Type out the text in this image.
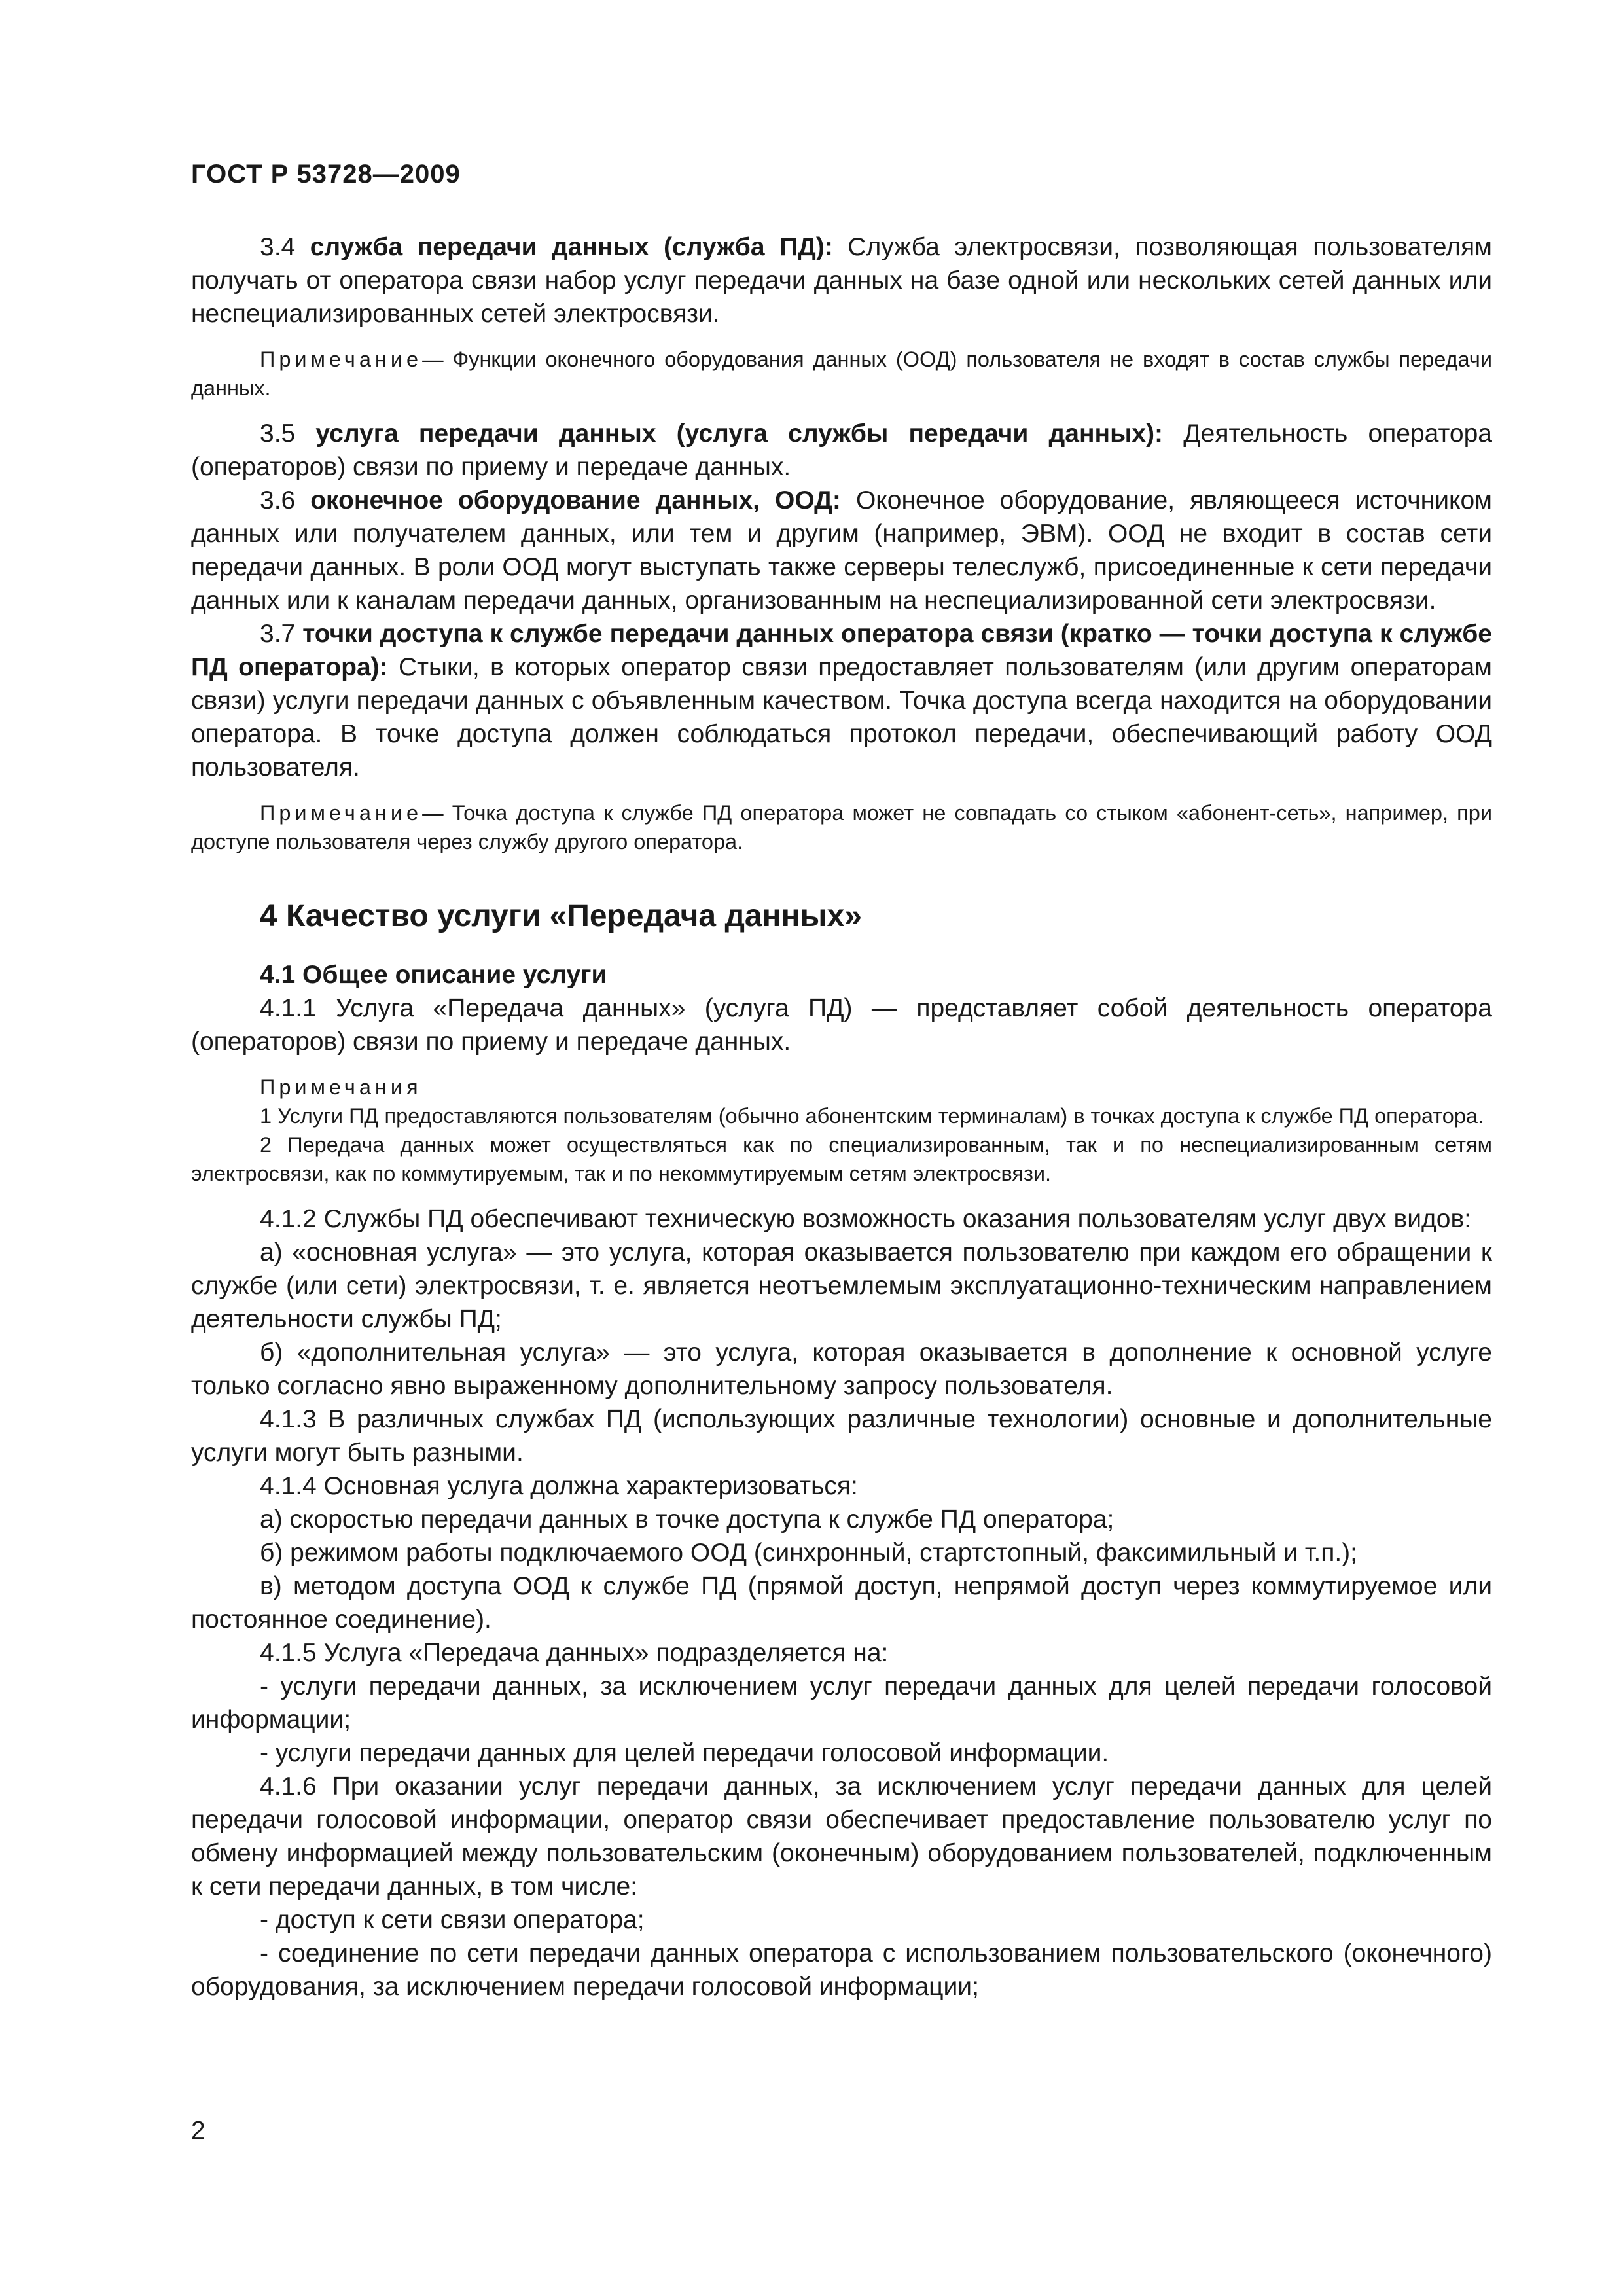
ГОСТ Р 53728—2009

3.4 служба передачи данных (служба ПД): Служба электросвязи, позволяющая пользователям получать от оператора связи набор услуг передачи данных на базе одной или нескольких сетей данных или неспециализированных сетей электросвязи.

Примечание— Функции оконечного оборудования данных (ООД) пользователя не входят в состав службы передачи данных.

3.5 услуга передачи данных (услуга службы передачи данных): Деятельность оператора (операторов) связи по приему и передаче данных.

3.6 оконечное оборудование данных, ООД: Оконечное оборудование, являющееся источником данных или получателем данных, или тем и другим (например, ЭВМ). ООД не входит в состав сети передачи данных. В роли ООД могут выступать также серверы телеслужб, присоединенные к сети передачи данных или к каналам передачи данных, организованным на неспециализированной сети электросвязи.

3.7 точки доступа к службе передачи данных оператора связи (кратко — точки доступа к службе ПД оператора): Стыки, в которых оператор связи предоставляет пользователям (или другим операторам связи) услуги передачи данных с объявленным качеством. Точка доступа всегда находится на оборудовании оператора. В точке доступа должен соблюдаться протокол передачи, обеспечивающий работу ООД пользователя.

Примечание— Точка доступа к службе ПД оператора может не совпадать со стыком «абонент-сеть», например, при доступе пользователя через службу другого оператора.

4 Качество услуги «Передача данных»
4.1 Общее описание услуги

4.1.1 Услуга «Передача данных» (услуга ПД) — представляет собой деятельность оператора (операторов) связи по приему и передаче данных.

Примечания

1 Услуги ПД предоставляются пользователям (обычно абонентским терминалам) в точках доступа к службе ПД оператора.

2 Передача данных может осуществляться как по специализированным, так и по неспециализированным сетям электросвязи, как по коммутируемым, так и по некоммутируемым сетям электросвязи.

4.1.2 Службы ПД обеспечивают техническую возможность оказания пользователям услуг двух видов:

а) «основная услуга» — это услуга, которая оказывается пользователю при каждом его обращении к службе (или сети) электросвязи, т. е. является неотъемлемым эксплуатационно-техническим направлением деятельности службы ПД;

б) «дополнительная услуга» — это услуга, которая оказывается в дополнение к основной услуге только согласно явно выраженному дополнительному запросу пользователя.

4.1.3 В различных службах ПД (использующих различные технологии) основные и дополнительные услуги могут быть разными.

4.1.4 Основная услуга должна характеризоваться:

а) скоростью передачи данных в точке доступа к службе ПД оператора;

б) режимом работы подключаемого ООД (синхронный, стартстопный, факсимильный и т.п.);

в) методом доступа ООД к службе ПД (прямой доступ, непрямой доступ через коммутируемое или постоянное соединение).

4.1.5 Услуга «Передача данных» подразделяется на:

- услуги передачи данных, за исключением услуг передачи данных для целей передачи голосовой информации;

- услуги передачи данных для целей передачи голосовой информации.

4.1.6 При оказании услуг передачи данных, за исключением услуг передачи данных для целей передачи голосовой информации, оператор связи обеспечивает предоставление пользователю услуг по обмену информацией между пользовательским (оконечным) оборудованием пользователей, подключенным к сети передачи данных, в том числе:

- доступ к сети связи оператора;

- соединение по сети передачи данных оператора с использованием пользовательского (оконечного) оборудования, за исключением передачи голосовой информации;

2
